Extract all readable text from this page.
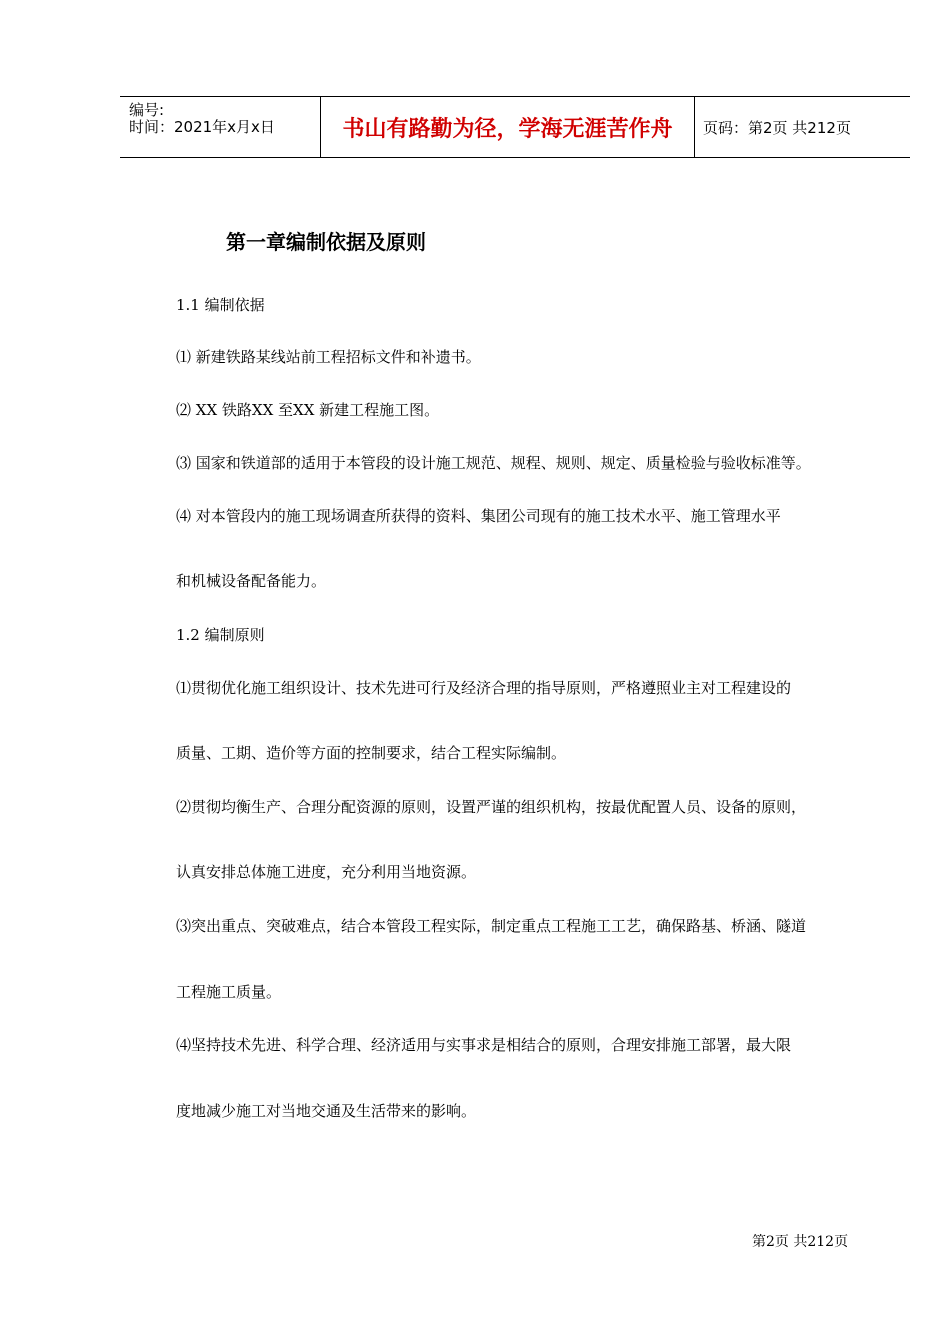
编号:
时间：2021年x月x日	书山有路勤为径，学海无涯苦作舟	页码：第2页 共212页
第一章编制依据及原则
1.1 编制依据
⑴ 新建铁路某线站前工程招标文件和补遗书。
⑵ XX 铁路XX 至XX 新建工程施工图。
⑶ 国家和铁道部的适用于本管段的设计施工规范、规程、规则、规定、质量检验与验收标准等。
⑷ 对本管段内的施工现场调查所获得的资料、集团公司现有的施工技术水平、施工管理水平
和机械设备配备能力。
1.2 编制原则
⑴贯彻优化施工组织设计、技术先进可行及经济合理的指导原则，严格遵照业主对工程建设的
质量、工期、造价等方面的控制要求，结合工程实际编制。
⑵贯彻均衡生产、合理分配资源的原则，设置严谨的组织机构，按最优配置人员、设备的原则，
认真安排总体施工进度，充分利用当地资源。
⑶突出重点、突破难点，结合本管段工程实际，制定重点工程施工工艺，确保路基、桥涵、隧道
工程施工质量。
⑷坚持技术先进、科学合理、经济适用与实事求是相结合的原则，合理安排施工部署，最大限
度地减少施工对当地交通及生活带来的影响。
第2页 共212页
